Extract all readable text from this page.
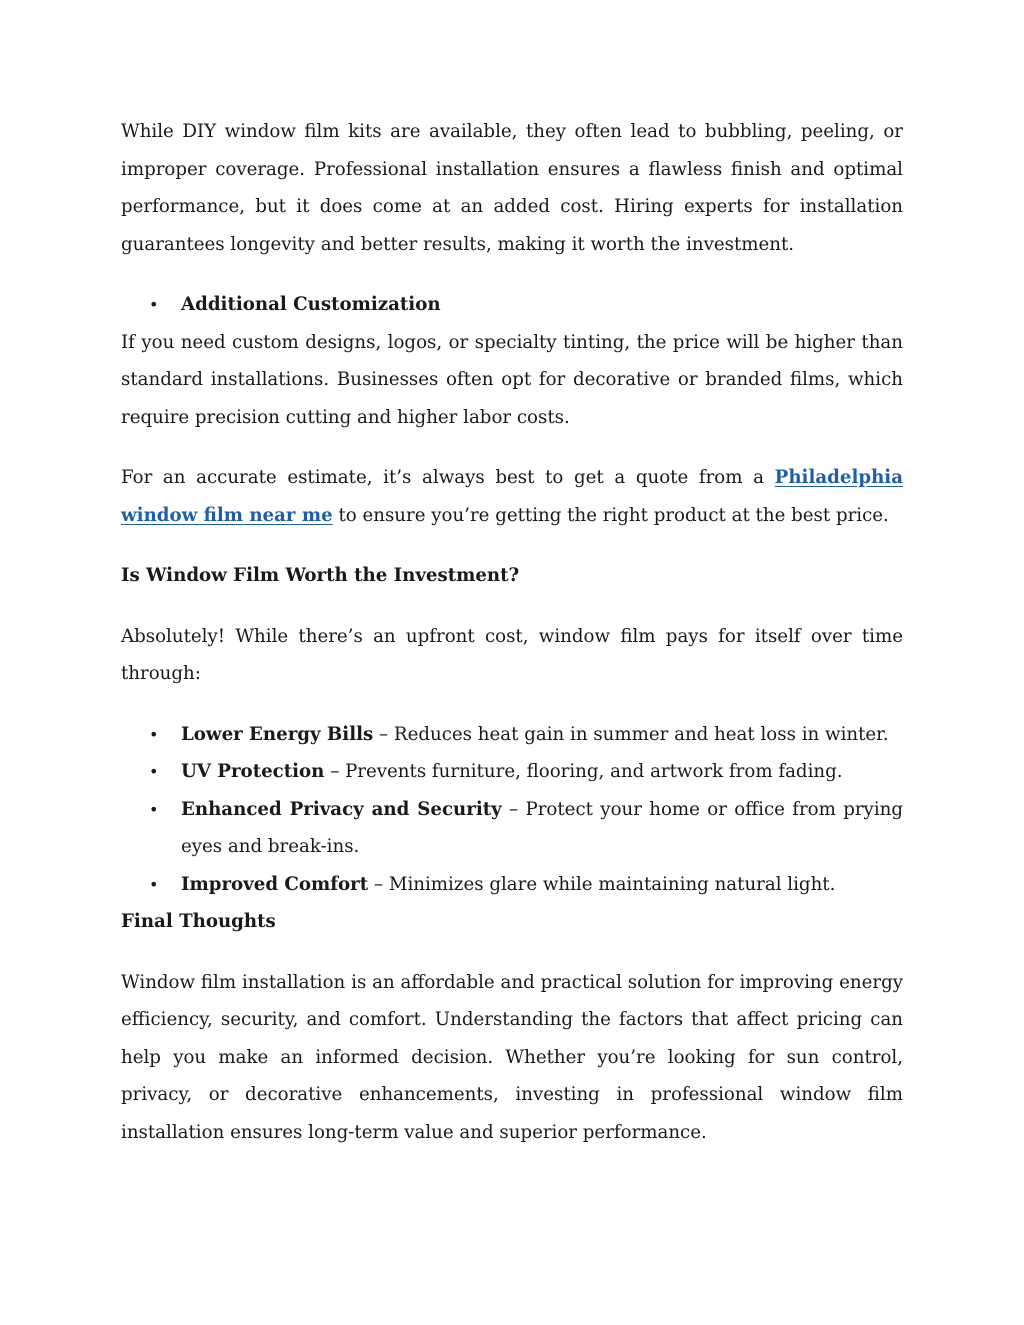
While DIY window film kits are available, they often lead to bubbling, peeling, or improper coverage. Professional installation ensures a flawless finish and optimal performance, but it does come at an added cost. Hiring experts for installation guarantees longevity and better results, making it worth the investment.

• Additional Customization

If you need custom designs, logos, or specialty tinting, the price will be higher than standard installations. Businesses often opt for decorative or branded films, which require precision cutting and higher labor costs.

For an accurate estimate, it’s always best to get a quote from a Philadelphia window film near me to ensure you’re getting the right product at the best price.

Is Window Film Worth the Investment?

Absolutely! While there’s an upfront cost, window film pays for itself over time through:

• Lower Energy Bills – Reduces heat gain in summer and heat loss in winter.
• UV Protection – Prevents furniture, flooring, and artwork from fading.
• Enhanced Privacy and Security – Protect your home or office from prying eyes and break-ins.
• Improved Comfort – Minimizes glare while maintaining natural light.
Final Thoughts

Window film installation is an affordable and practical solution for improving energy efficiency, security, and comfort. Understanding the factors that affect pricing can help you make an informed decision. Whether you’re looking for sun control, privacy, or decorative enhancements, investing in professional window film installation ensures long-term value and superior performance.
